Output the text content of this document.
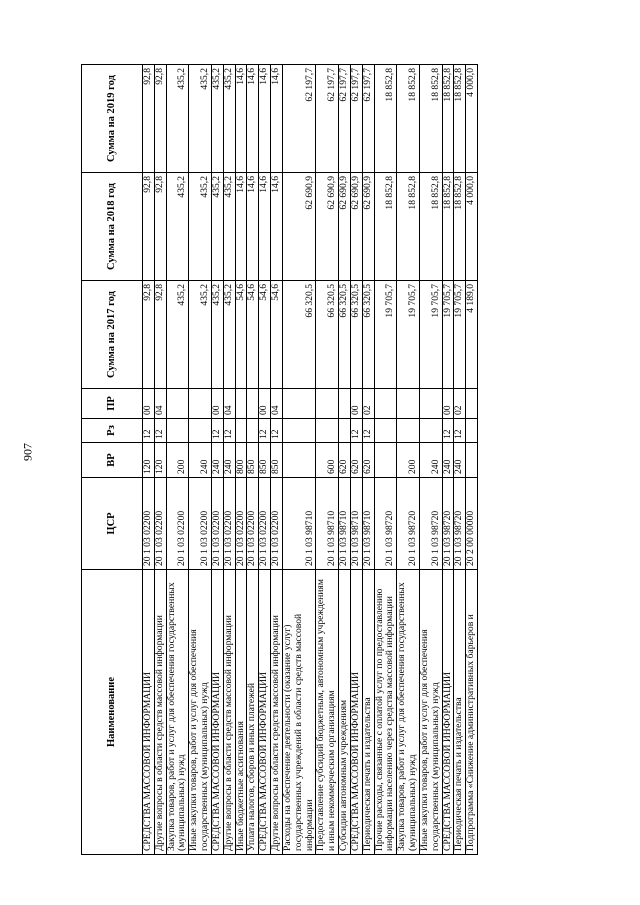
907
Наименование	ЦСР	ВР	Рз	ПР	Сумма на 2017 год	Сумма на 2018 год	Сумма на 2019 год
СРЕДСТВА МАССОВОЙ ИНФОРМАЦИИ	20 1 03 02200	120	12	00	92,8	92,8	92,8
Другие вопросы в области средств массовой информации	20 1 03 02200	120	12	04	92,8	92,8	92,8
Закупка товаров, работ и услуг для обеспечения государственных (муниципальных) нужд	20 1 03 02200	200			435,2	435,2	435,2
Иные закупки товаров, работ и услуг для обеспечения государственных (муниципальных) нужд	20 1 03 02200	240			435,2	435,2	435,2
СРЕДСТВА МАССОВОЙ ИНФОРМАЦИИ	20 1 03 02200	240	12	00	435,2	435,2	435,2
Другие вопросы в области средств массовой информации	20 1 03 02200	240	12	04	435,2	435,2	435,2
Иные бюджетные ассигнования	20 1 03 02200	800			54,6	14,6	14,6
Уплата налогов, сборов и иных платежей	20 1 03 02200	850			54,6	14,6	14,6
СРЕДСТВА МАССОВОЙ ИНФОРМАЦИИ	20 1 03 02200	850	12	00	54,6	14,6	14,6
Другие вопросы в области средств массовой информации	20 1 03 02200	850	12	04	54,6	14,6	14,6
Расходы на обеспечение деятельности (оказание услуг) государственных учреждений в области средств массовой информации	20 1 03 98710				66 320,5	62 690,9	62 197,7
Предоставление субсидий бюджетным, автономным учреждениям и иным некоммерческим организациям	20 1 03 98710	600			66 320,5	62 690,9	62 197,7
Субсидии автономным учреждениям	20 1 03 98710	620			66 320,5	62 690,9	62 197,7
СРЕДСТВА МАССОВОЙ ИНФОРМАЦИИ	20 1 03 98710	620	12	00	66 320,5	62 690,9	62 197,7
Периодическая печать и издательства	20 1 03 98710	620	12	02	66 320,5	62 690,9	62 197,7
Прочие расходы, связанные с оплатой услуг по предоставлению информации населению через средства массовой информации	20 1 03 98720				19 705,7	18 852,8	18 852,8
Закупка товаров, работ и услуг для обеспечения государственных (муниципальных) нужд	20 1 03 98720	200			19 705,7	18 852,8	18 852,8
Иные закупки товаров, работ и услуг для обеспечения государственных (муниципальных) нужд	20 1 03 98720	240			19 705,7	18 852,8	18 852,8
СРЕДСТВА МАССОВОЙ ИНФОРМАЦИИ	20 1 03 98720	240	12	00	19 705,7	18 852,8	18 852,8
Периодическая печать и издательства	20 1 03 98720	240	12	02	19 705,7	18 852,8	18 852,8
Подпрограмма «Снижение административных барьеров и	20 2 00 00000				4 189,0	4 000,0	4 000,0
